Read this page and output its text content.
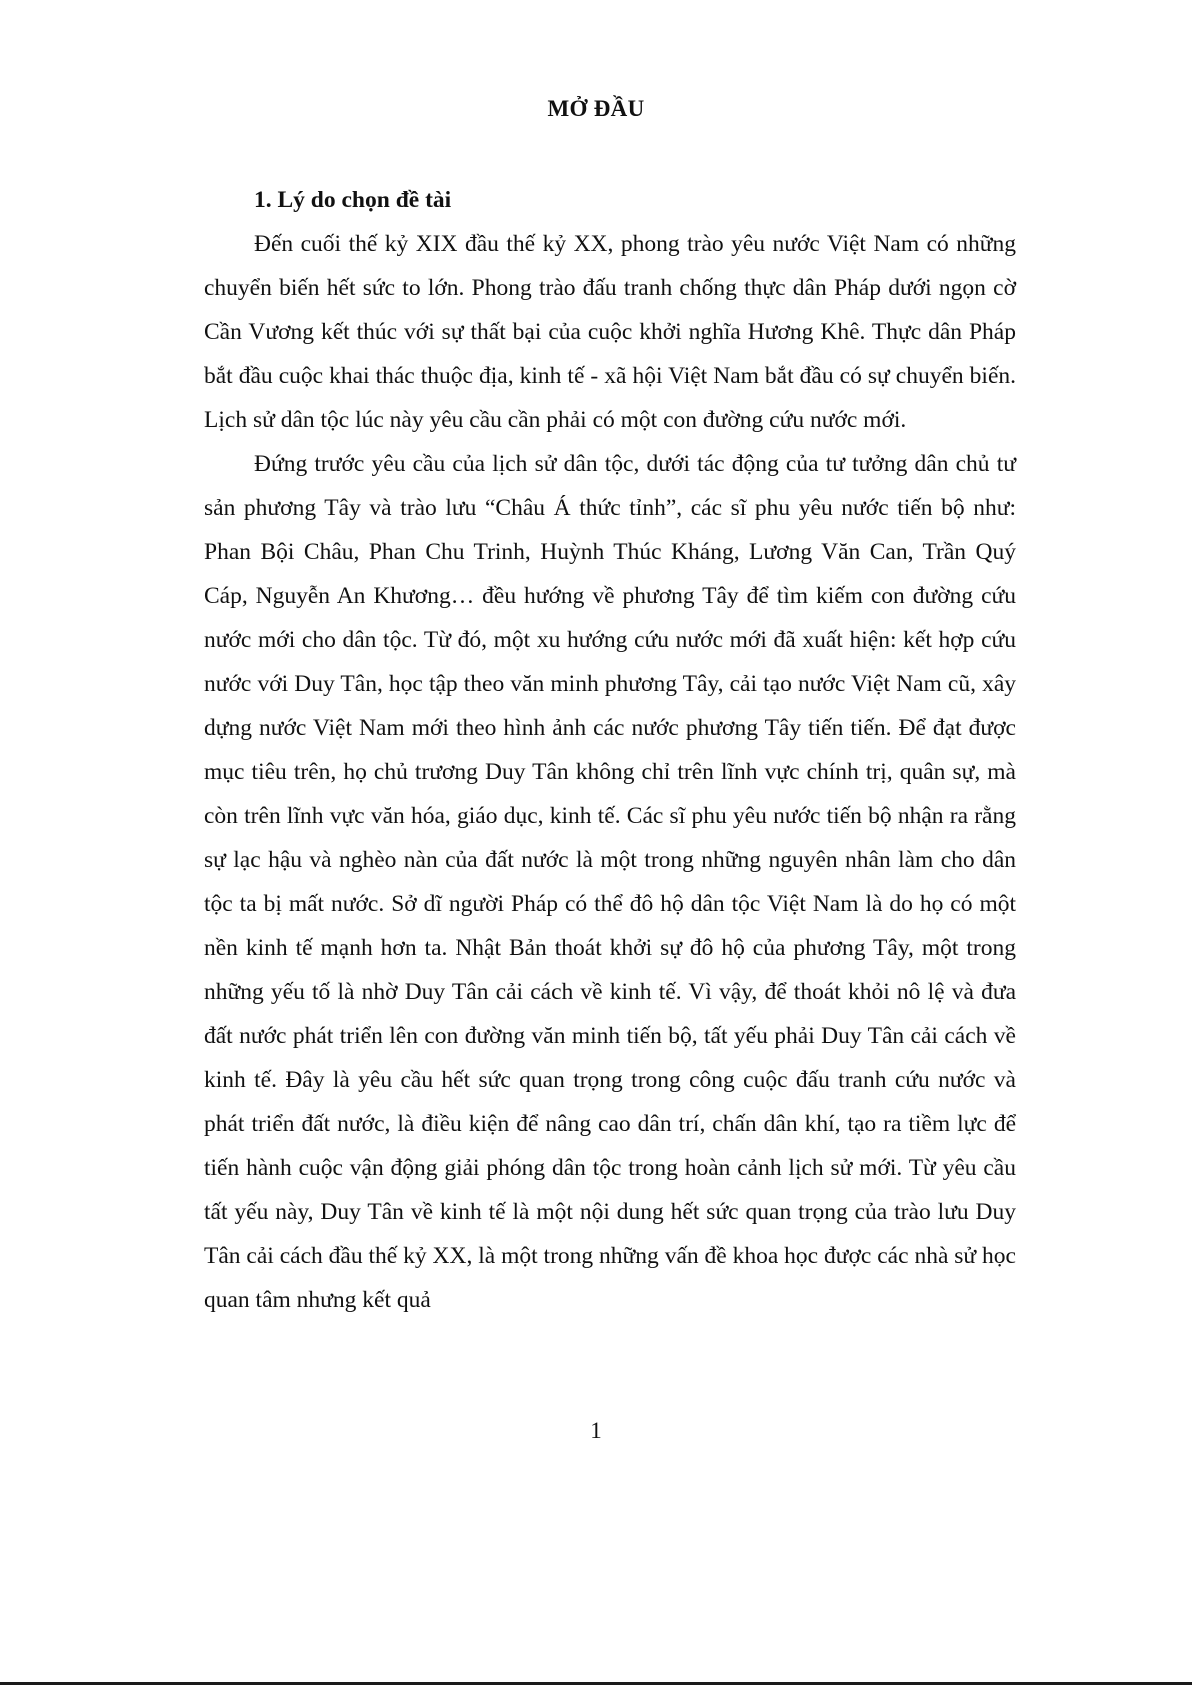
MỞ ĐẦU

1. Lý do chọn đề tài

Đến cuối thế kỷ XIX đầu thế kỷ XX, phong trào yêu nước Việt Nam có những chuyển biến hết sức to lớn. Phong trào đấu tranh chống thực dân Pháp dưới ngọn cờ Cần Vương kết thúc với sự thất bại của cuộc khởi nghĩa Hương Khê. Thực dân Pháp bắt đầu cuộc khai thác thuộc địa, kinh tế - xã hội Việt Nam bắt đầu có sự chuyển biến. Lịch sử dân tộc lúc này yêu cầu cần phải có một con đường cứu nước mới.

Đứng trước yêu cầu của lịch sử dân tộc, dưới tác động của tư tưởng dân chủ tư sản phương Tây và trào lưu “Châu Á thức tỉnh”, các sĩ phu yêu nước tiến bộ như: Phan Bội Châu, Phan Chu Trinh, Huỳnh Thúc Kháng, Lương Văn Can, Trần Quý Cáp, Nguyễn An Khương… đều hướng về phương Tây để tìm kiếm con đường cứu nước mới cho dân tộc. Từ đó, một xu hướng cứu nước mới đã xuất hiện: kết hợp cứu nước với Duy Tân, học tập theo văn minh phương Tây, cải tạo nước Việt Nam cũ, xây dựng nước Việt Nam mới theo hình ảnh các nước phương Tây tiến tiến. Để đạt được mục tiêu trên, họ chủ trương Duy Tân không chỉ trên lĩnh vực chính trị, quân sự, mà còn trên lĩnh vực văn hóa, giáo dục, kinh tế. Các sĩ phu yêu nước tiến bộ nhận ra rằng sự lạc hậu và nghèo nàn của đất nước là một trong những nguyên nhân làm cho dân tộc ta bị mất nước. Sở dĩ người Pháp có thể đô hộ dân tộc Việt Nam là do họ có một nền kinh tế mạnh hơn ta. Nhật Bản thoát khởi sự đô hộ của phương Tây, một trong những yếu tố là nhờ Duy Tân cải cách về kinh tế. Vì vậy, để thoát khỏi nô lệ và đưa đất nước phát triển lên con đường văn minh tiến bộ, tất yếu phải Duy Tân cải cách về kinh tế. Đây là yêu cầu hết sức quan trọng trong công cuộc đấu tranh cứu nước và phát triển đất nước, là điều kiện để nâng cao dân trí, chấn dân khí, tạo ra tiềm lực để tiến hành cuộc vận động giải phóng dân tộc trong hoàn cảnh lịch sử mới. Từ yêu cầu tất yếu này, Duy Tân về kinh tế là một nội dung hết sức quan trọng của trào lưu Duy Tân cải cách đầu thế kỷ XX, là một trong những vấn đề khoa học được các nhà sử học quan tâm nhưng kết quả

1
